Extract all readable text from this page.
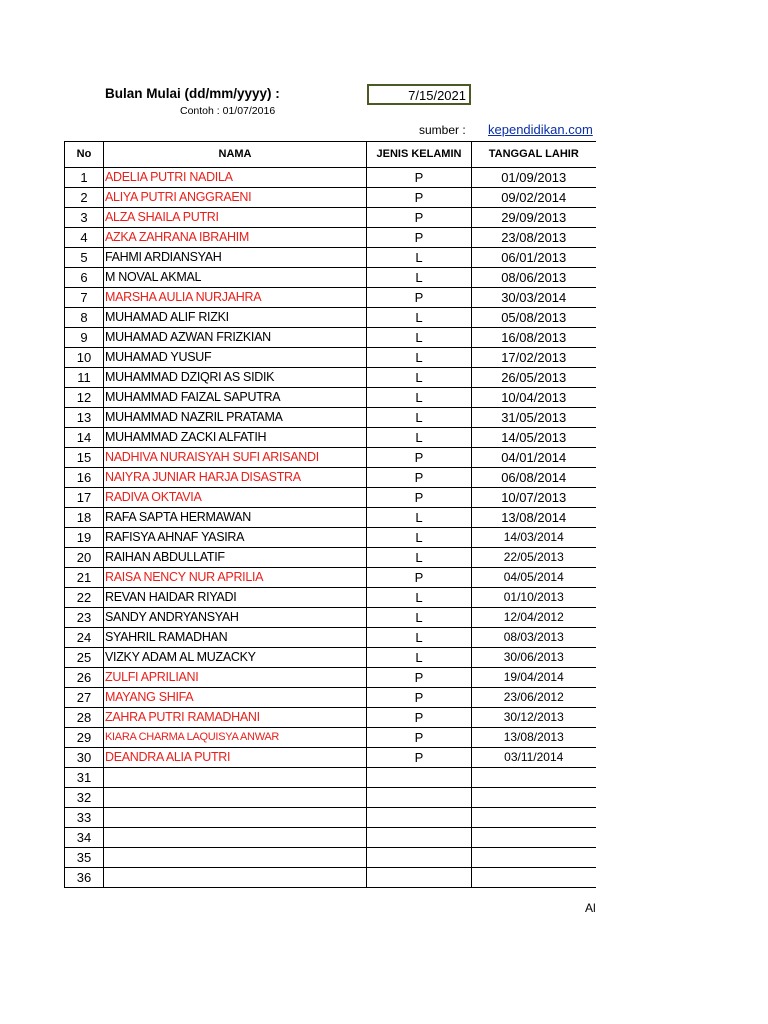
Bulan Mulai (dd/mm/yyyy) :	7/15/2021
Contoh : 01/07/2016
sumber : kependidikan.com
No	NAMA	JENIS KELAMIN	TANGGAL LAHIR
1	ADELIA PUTRI NADILA	P	01/09/2013
2	ALIYA PUTRI ANGGRAENI	P	09/02/2014
3	ALZA SHAILA PUTRI	P	29/09/2013
4	AZKA ZAHRANA IBRAHIM	P	23/08/2013
5	FAHMI ARDIANSYAH	L	06/01/2013
6	M NOVAL AKMAL	L	08/06/2013
7	MARSHA AULIA NURJAHRA	P	30/03/2014
8	MUHAMAD ALIF RIZKI	L	05/08/2013
9	MUHAMAD AZWAN FRIZKIAN	L	16/08/2013
10	MUHAMAD YUSUF	L	17/02/2013
11	MUHAMMAD DZIQRI AS SIDIK	L	26/05/2013
12	MUHAMMAD FAIZAL SAPUTRA	L	10/04/2013
13	MUHAMMAD NAZRIL PRATAMA	L	31/05/2013
14	MUHAMMAD ZACKI ALFATIH	L	14/05/2013
15	NADHIVA NURAISYAH SUFI ARISANDI	P	04/01/2014
16	NAIYRA JUNIAR HARJA DISASTRA	P	06/08/2014
17	RADIVA OKTAVIA	P	10/07/2013
18	RAFA SAPTA HERMAWAN	L	13/08/2014
19	RAFISYA AHNAF YASIRA	L	14/03/2014
20	RAIHAN ABDULLATIF	L	22/05/2013
21	RAISA NENCY NUR APRILIA	P	04/05/2014
22	REVAN HAIDAR RIYADI	L	01/10/2013
23	SANDY ANDRYANSYAH	L	12/04/2012
24	SYAHRIL RAMADHAN	L	08/03/2013
25	VIZKY ADAM AL MUZACKY	L	30/06/2013
26	ZULFI APRILIANI	P	19/04/2014
27	MAYANG SHIFA	P	23/06/2012
28	ZAHRA PUTRI RAMADHANI	P	30/12/2013
29	KIARA CHARMA LAQUISYA ANWAR	P	13/08/2013
30	DEANDRA ALIA PUTRI	P	03/11/2014
31			
32			
33			
34			
35			
36			
Al
